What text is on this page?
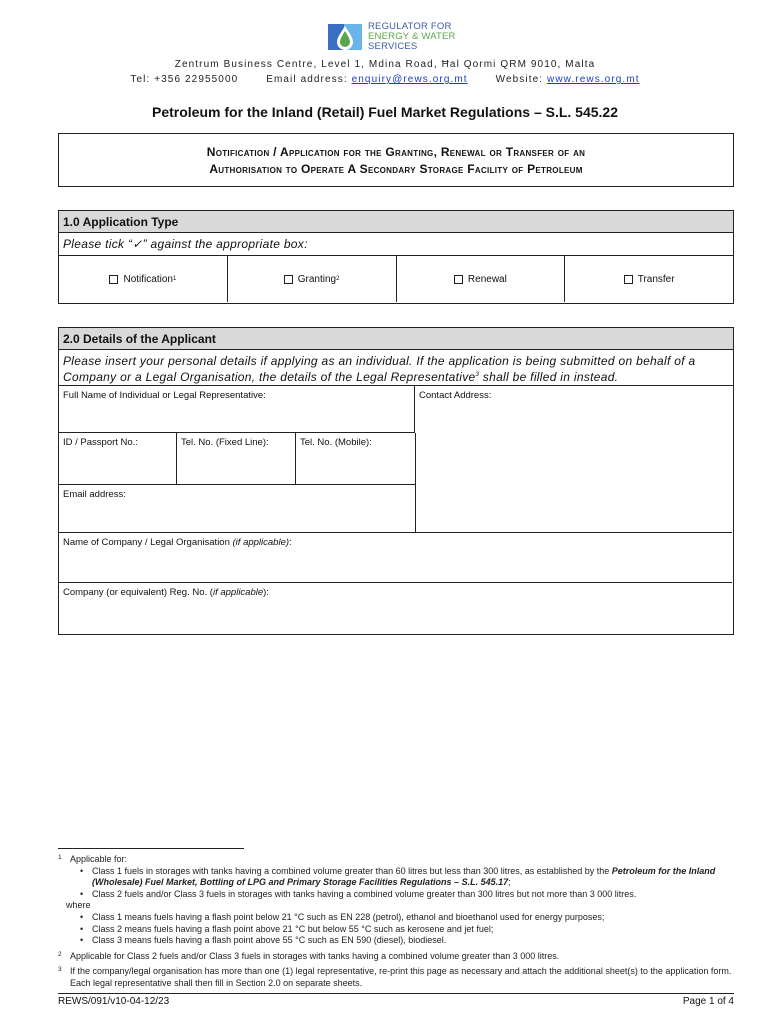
REGULATOR FOR
ENERGY & WATER
SERVICES
Zentrum Business Centre, Level 1, Mdina Road, Ħal Qormi QRM 9010, Malta
Tel: +356 22955000	Email address: enquiry@rews.org.mt	Website: www.rews.org.mt
Petroleum for the Inland (Retail) Fuel Market Regulations – S.L. 545.22
Notification / Application for the Granting, Renewal or Transfer of an
Authorisation to Operate A Secondary Storage Facility of Petroleum
1.0 Application Type
Please tick “✓” against the appropriate box:
Notification 1	Granting 2	Renewal	Transfer
2.0 Details of the Applicant
Please insert your personal details if applying as an individual. If the application is being submitted on behalf of a Company or a Legal Organisation, the details of the Legal Representative$^3$ shall be filled in instead.
Full Name of Individual or Legal Representative:	Contact Address:
ID / Passport No.:	Tel. No. (Fixed Line):	Tel. No. (Mobile):
Email address:
Name of Company / Legal Organisation (if applicable):
Company (or equivalent) Reg. No. (if applicable):
1 Applicable for:
• Class 1 fuels in storages with tanks having a combined volume greater than 60 litres but less than 300 litres, as established by the Petroleum for the Inland (Wholesale) Fuel Market, Bottling of LPG and Primary Storage Facilities Regulations – S.L. 545.17;
• Class 2 fuels and/or Class 3 fuels in storages with tanks having a combined volume greater than 300 litres but not more than 3 000 litres.
where
• Class 1 means fuels having a flash point below 21 °C such as EN 228 (petrol), ethanol and bioethanol used for energy purposes;
• Class 2 means fuels having a flash point above 21 °C but below 55 °C such as kerosene and jet fuel;
• Class 3 means fuels having a flash point above 55 °C such as EN 590 (diesel), biodiesel.
2 Applicable for Class 2 fuels and/or Class 3 fuels in storages with tanks having a combined volume greater than 3 000 litres.
3 If the company/legal organisation has more than one (1) legal representative, re-print this page as necessary and attach the additional sheet(s) to the application form. Each legal representative shall then fill in Section 2.0 on separate sheets.
REWS/091/v10-04-12/23	Page 1 of 4
